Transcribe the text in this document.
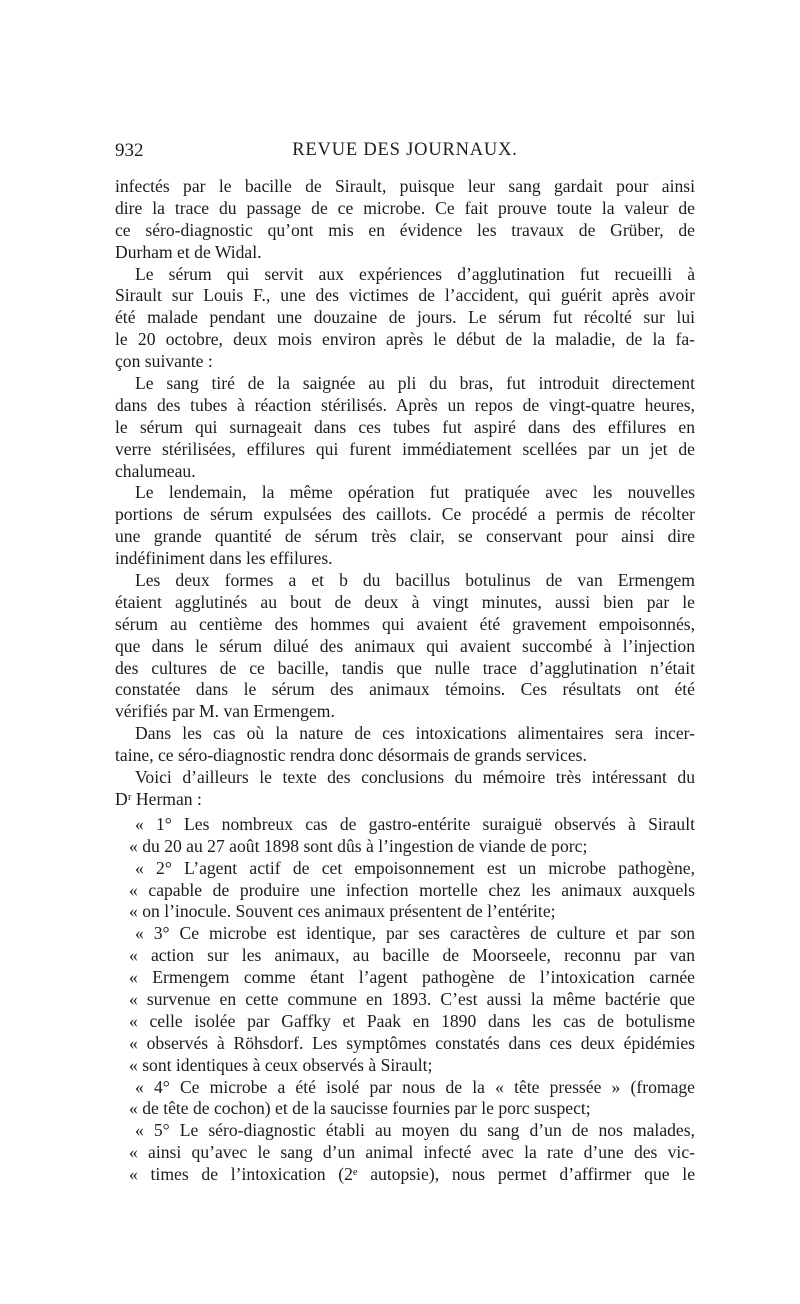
932	REVUE DES JOURNAUX.
infectés par le bacille de Sirault, puisque leur sang gardait pour ainsi
dire la trace du passage de ce microbe. Ce fait prouve toute la valeur de
ce séro-diagnostic qu’ont mis en évidence les travaux de Grüber, de
Durham et de Widal.
Le sérum qui servit aux expériences d’agglutination fut recueilli à
Sirault sur Louis F., une des victimes de l’accident, qui guérit après avoir
été malade pendant une douzaine de jours. Le sérum fut récolté sur lui
le 20 octobre, deux mois environ après le début de la maladie, de la fa-
çon suivante :
Le sang tiré de la saignée au pli du bras, fut introduit directement
dans des tubes à réaction stérilisés. Après un repos de vingt-quatre heures,
le sérum qui surnageait dans ces tubes fut aspiré dans des effilures en
verre stérilisées, effilures qui furent immédiatement scellées par un jet de
chalumeau.
Le lendemain, la même opération fut pratiquée avec les nouvelles
portions de sérum expulsées des caillots. Ce procédé a permis de récolter
une grande quantité de sérum très clair, se conservant pour ainsi dire
indéfiniment dans les effilures.
Les deux formes a et b du bacillus botulinus de van Ermengem
étaient agglutinés au bout de deux à vingt minutes, aussi bien par le
sérum au centième des hommes qui avaient été gravement empoisonnés,
que dans le sérum dilué des animaux qui avaient succombé à l’injection
des cultures de ce bacille, tandis que nulle trace d’agglutination n’était
constatée dans le sérum des animaux témoins. Ces résultats ont été
vérifiés par M. van Ermengem.
Dans les cas où la nature de ces intoxications alimentaires sera incer-
taine, ce séro-diagnostic rendra donc désormais de grands services.
Voici d’ailleurs le texte des conclusions du mémoire très intéressant du
Dʳ Herman :
« 1° Les nombreux cas de gastro-entérite suraiguë observés à Sirault
« du 20 au 27 août 1898 sont dûs à l’ingestion de viande de porc;
« 2° L’agent actif de cet empoisonnement est un microbe pathogène,
« capable de produire une infection mortelle chez les animaux auxquels
« on l’inocule. Souvent ces animaux présentent de l’entérite;
« 3° Ce microbe est identique, par ses caractères de culture et par son
« action sur les animaux, au bacille de Moorseele, reconnu par van
« Ermengem comme étant l’agent pathogène de l’intoxication carnée
« survenue en cette commune en 1893. C’est aussi la même bactérie que
« celle isolée par Gaffky et Paak en 1890 dans les cas de botulisme
« observés à Röhsdorf. Les symptômes constatés dans ces deux épidémies
« sont identiques à ceux observés à Sirault;
« 4° Ce microbe a été isolé par nous de la « tête pressée » (fromage
« de tête de cochon) et de la saucisse fournies par le porc suspect;
« 5° Le séro-diagnostic établi au moyen du sang d’un de nos malades,
« ainsi qu’avec le sang d’un animal infecté avec la rate d’une des vic-
« times de l’intoxication (2ᵉ autopsie), nous permet d’affirmer que le
